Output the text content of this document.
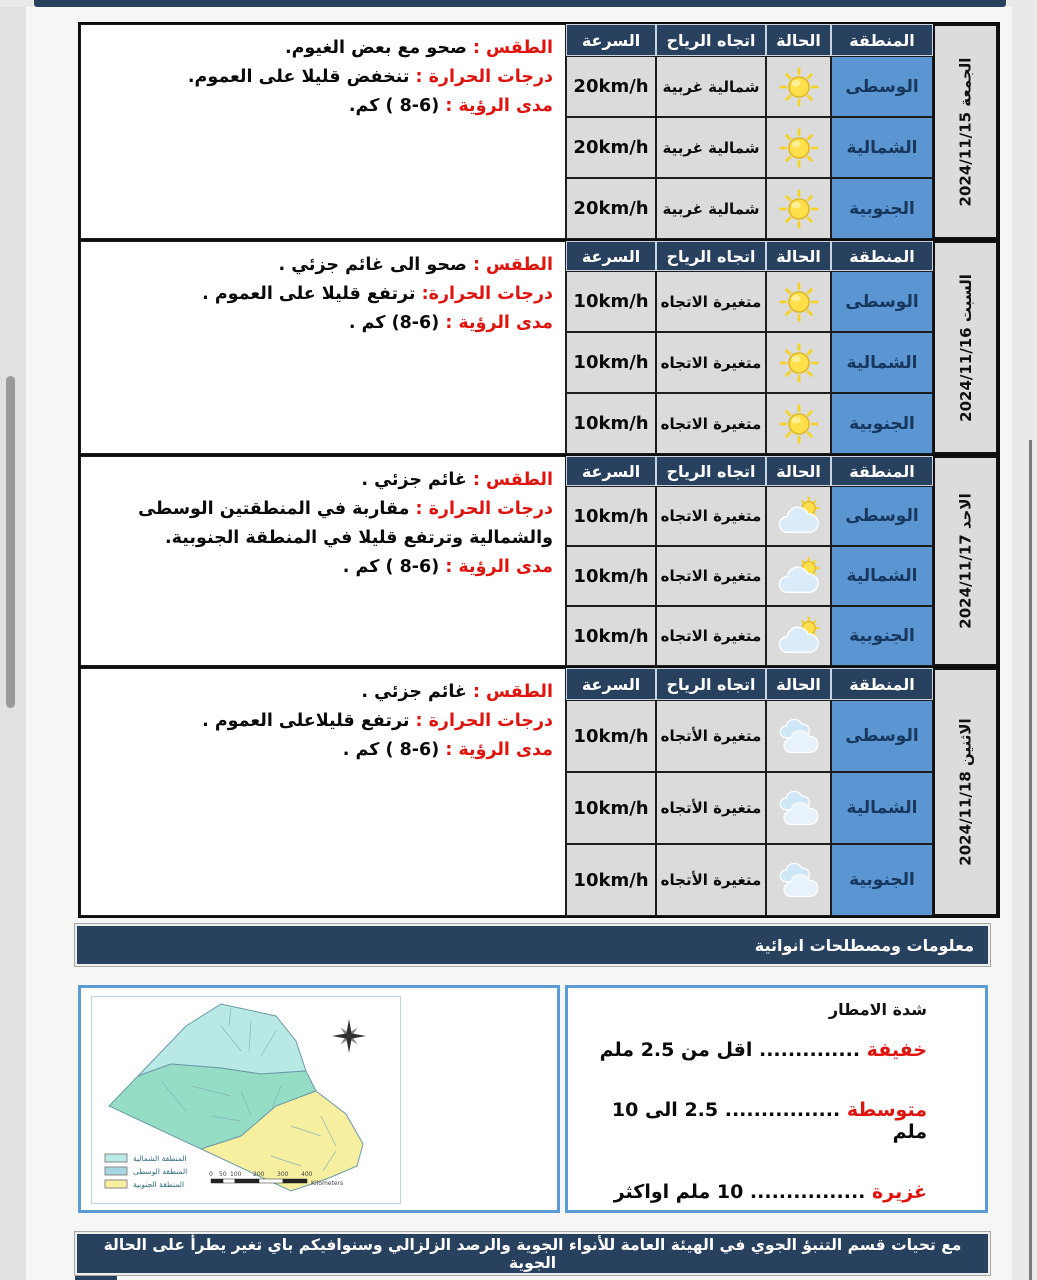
الجمعة 2024/11/15
المنطقة
الحالة
اتجاه الرياح
السرعة
الطقس : صحو مع بعض الغيوم.
درجات الحرارة : تنخفض قليلا على العموم.
مدى الرؤية : (6-8 ) كم.
الوسطى
شمالية غربية
20km/h
الشمالية
شمالية غربية
20km/h
الجنوبية
شمالية غربية
20km/h
السبت 2024/11/16
المنطقة
الحالة
اتجاه الرياح
السرعة
الطقس : صحو الى غائم جزئي .
درجات الحرارة: ترتفع قليلا على العموم .
مدى الرؤية : (6-8) كم .
الوسطى
متغيرة الاتجاه
10km/h
الشمالية
متغيرة الاتجاه
10km/h
الجنوبية
متغيرة الاتجاه
10km/h
الاحد 2024/11/17
المنطقة
الحالة
اتجاه الرياح
السرعة
الطقس : غائم جزئي .
درجات الحرارة : مقاربة في المنطقتين الوسطى والشمالية وترتفع قليلا في المنطقة الجنوبية.
مدى الرؤية : (6-8 ) كم .
الوسطى
متغيرة الاتجاه
10km/h
الشمالية
متغيرة الاتجاه
10km/h
الجنوبية
متغيرة الاتجاه
10km/h
الاثنين 2024/11/18
المنطقة
الحالة
اتجاه الرياح
السرعة
الطقس : غائم جزئي .
درجات الحرارة : ترتفع قليلاعلى العموم .
مدى الرؤية : (6-8 ) كم .
الوسطى
متغيرة الأتجاه
10km/h
الشمالية
متغيرة الأتجاه
10km/h
الجنوبية
متغيرة الأتجاه
10km/h
معلومات ومصطلحات انوائية
المنطقة الشمالية
المنطقة الوسطى
المنطقة الجنوبية
0 50 100 200 300 400
Kilometers
شدة الامطار
خفيفة .............. اقل من 2.5 ملم
متوسطة ................ 2.5 الى 10 ملم
غزيرة ................ 10 ملم اواكثر
مع تحيات قسم التنبؤ الجوي في الهيئة العامة للأنواء الجوية والرصد الزلزالي وسنوافيكم باي تغير يطرأ على الحالة الجوية
